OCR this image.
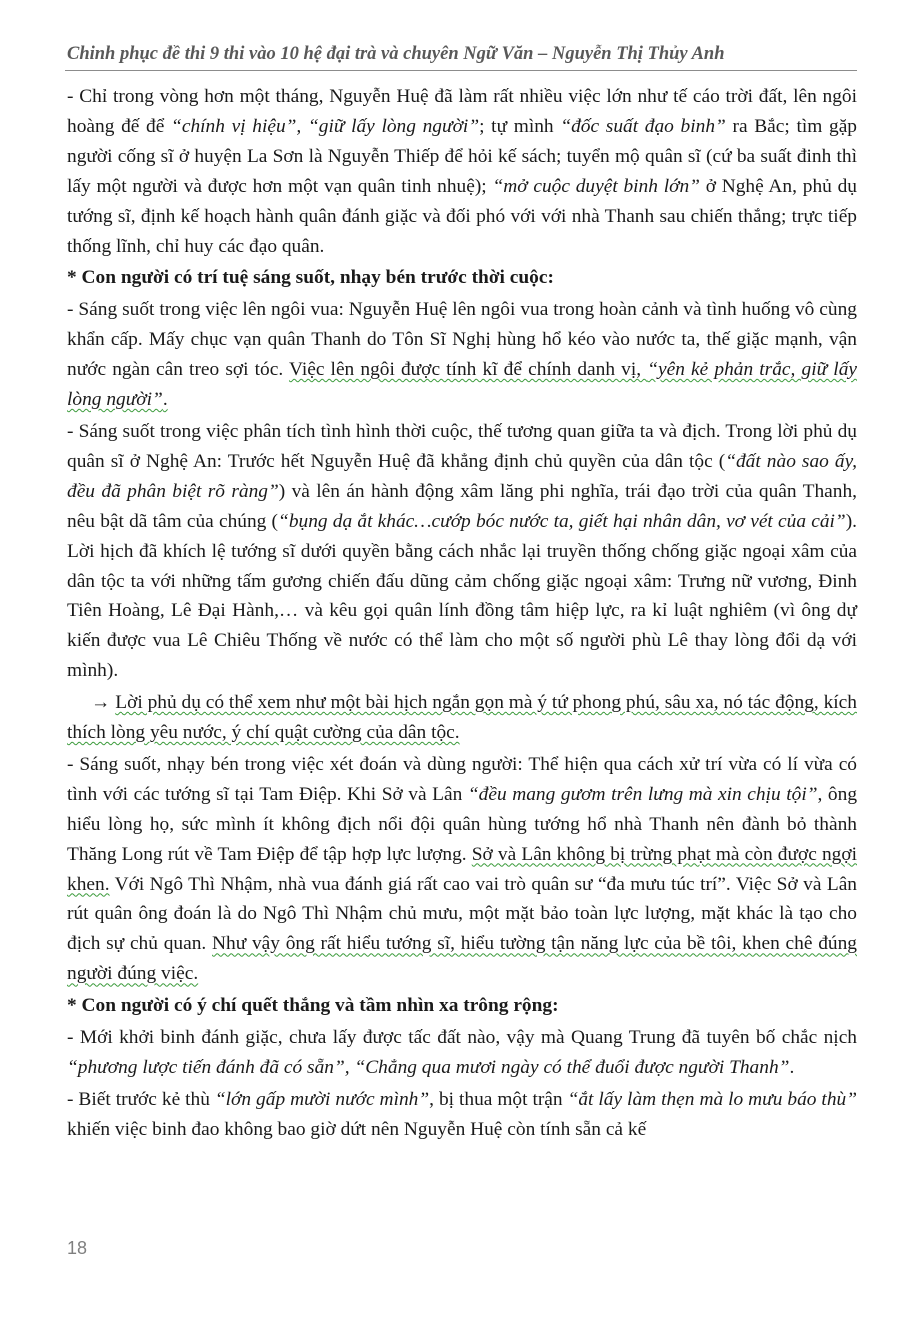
Chinh phục đề thi 9 thi vào 10 hệ đại trà và chuyên Ngữ Văn – Nguyễn Thị Thủy Anh

- Chỉ trong vòng hơn một tháng, Nguyễn Huệ đã làm rất nhiều việc lớn như tế cáo trời đất, lên ngôi hoàng đế để “chính vị hiệu”, “giữ lấy lòng người”; tự mình “đốc suất đạo binh” ra Bắc; tìm gặp người cống sĩ ở huyện La Sơn là Nguyễn Thiếp để hỏi kế sách; tuyển mộ quân sĩ (cứ ba suất đinh thì lấy một người và được hơn một vạn quân tinh nhuệ); “mở cuộc duyệt binh lớn” ở Nghệ An, phủ dụ tướng sĩ, định kế hoạch hành quân đánh giặc và đối phó với với nhà Thanh sau chiến thắng; trực tiếp thống lĩnh, chỉ huy các đạo quân.

* Con người có trí tuệ sáng suốt, nhạy bén trước thời cuộc:

- Sáng suốt trong việc lên ngôi vua: Nguyễn Huệ lên ngôi vua trong hoàn cảnh và tình huống vô cùng khẩn cấp. Mấy chục vạn quân Thanh do Tôn Sĩ Nghị hùng hổ kéo vào nước ta, thế giặc mạnh, vận nước ngàn cân treo sợi tóc. Việc lên ngôi được tính kĩ để chính danh vị, “yên kẻ phản trắc, giữ lấy lòng người”.

- Sáng suốt trong việc phân tích tình hình thời cuộc, thế tương quan giữa ta và địch. Trong lời phủ dụ quân sĩ ở Nghệ An: Trước hết Nguyễn Huệ đã khẳng định chủ quyền của dân tộc (“đất nào sao ấy, đều đã phân biệt rõ ràng”) và lên án hành động xâm lăng phi nghĩa, trái đạo trời của quân Thanh, nêu bật dã tâm của chúng (“bụng dạ ắt khác…cướp bóc nước ta, giết hại nhân dân, vơ vét của cải”). Lời hịch đã khích lệ tướng sĩ dưới quyền bằng cách nhắc lại truyền thống chống giặc ngoại xâm của dân tộc ta với những tấm gương chiến đấu dũng cảm chống giặc ngoại xâm: Trưng nữ vương, Đinh Tiên Hoàng, Lê Đại Hành,… và kêu gọi quân lính đồng tâm hiệp lực, ra kỉ luật nghiêm (vì ông dự kiến được vua Lê Chiêu Thống về nước có thể làm cho một số người phù Lê thay lòng đổi dạ với mình).

→ Lời phủ dụ có thể xem như một bài hịch ngắn gọn mà ý tứ phong phú, sâu xa, nó tác động, kích thích lòng yêu nước, ý chí quật cường của dân tộc.

- Sáng suốt, nhạy bén trong việc xét đoán và dùng người: Thể hiện qua cách xử trí vừa có lí vừa có tình với các tướng sĩ tại Tam Điệp. Khi Sở và Lân “đều mang gươm trên lưng mà xin chịu tội”, ông hiểu lòng họ, sức mình ít không địch nổi đội quân hùng tướng hổ nhà Thanh nên đành bỏ thành Thăng Long rút về Tam Điệp để tập hợp lực lượng. Sở và Lân không bị trừng phạt mà còn được ngợi khen. Với Ngô Thì Nhậm, nhà vua đánh giá rất cao vai trò quân sư “đa mưu túc trí”. Việc Sở và Lân rút quân ông đoán là do Ngô Thì Nhậm chủ mưu, một mặt bảo toàn lực lượng, mặt khác là tạo cho địch sự chủ quan. Như vậy ông rất hiểu tướng sĩ, hiểu tường tận năng lực của bề tôi, khen chê đúng người đúng việc.

* Con người có ý chí quết thắng và tầm nhìn xa trông rộng:

- Mới khởi binh đánh giặc, chưa lấy được tấc đất nào, vậy mà Quang Trung đã tuyên bố chắc nịch “phương lược tiến đánh đã có sẵn”, “Chẳng qua mươi ngày có thể đuổi được người Thanh”.

- Biết trước kẻ thù “lớn gấp mười nước mình”, bị thua một trận “ắt lấy làm thẹn mà lo mưu báo thù” khiến việc binh đao không bao giờ dứt nên Nguyễn Huệ còn tính sẵn cả kế

18
